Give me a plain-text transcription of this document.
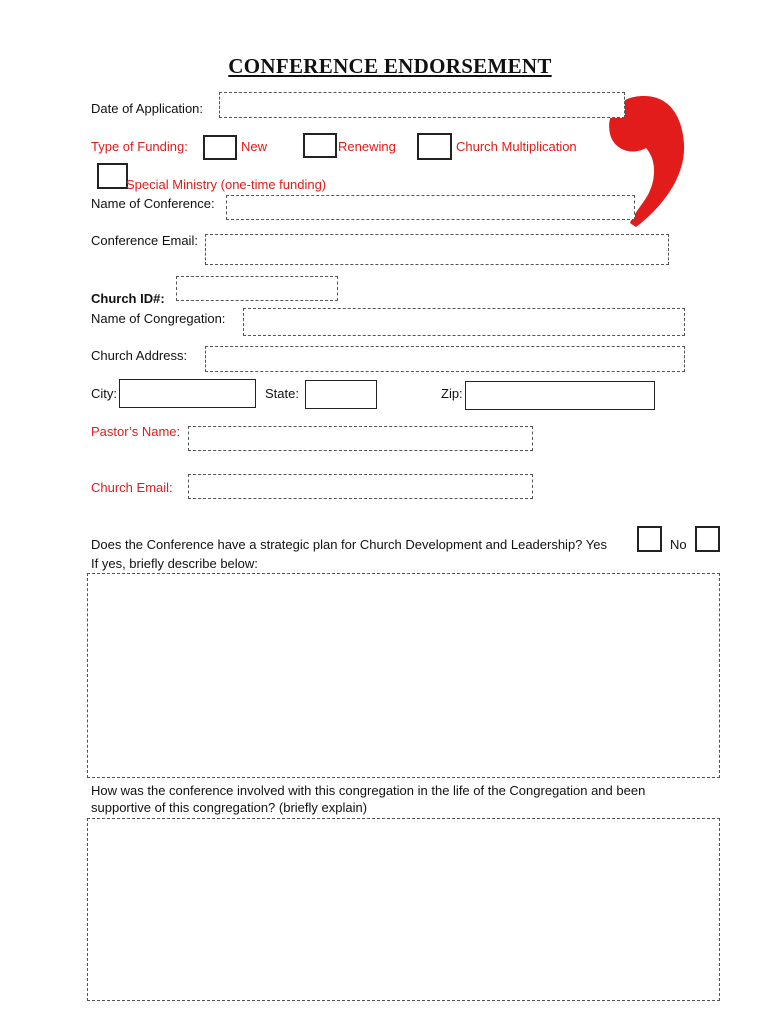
CONFERENCE ENDORSEMENT
Date of Application:
Type of Funding:	New	Renewing	Church Multiplication
Special Ministry (one-time funding)
Name of Conference:
Conference Email:
Church ID#:
Name of Congregation:
Church Address:
City:	State:	Zip:
Pastor’s Name:
Church Email:
Does the Conference have a strategic plan for Church Development and Leadership? Yes	No
If yes, briefly describe below:
How was the conference involved with this congregation in the life of the Congregation and been
supportive of this congregation? (briefly explain)
